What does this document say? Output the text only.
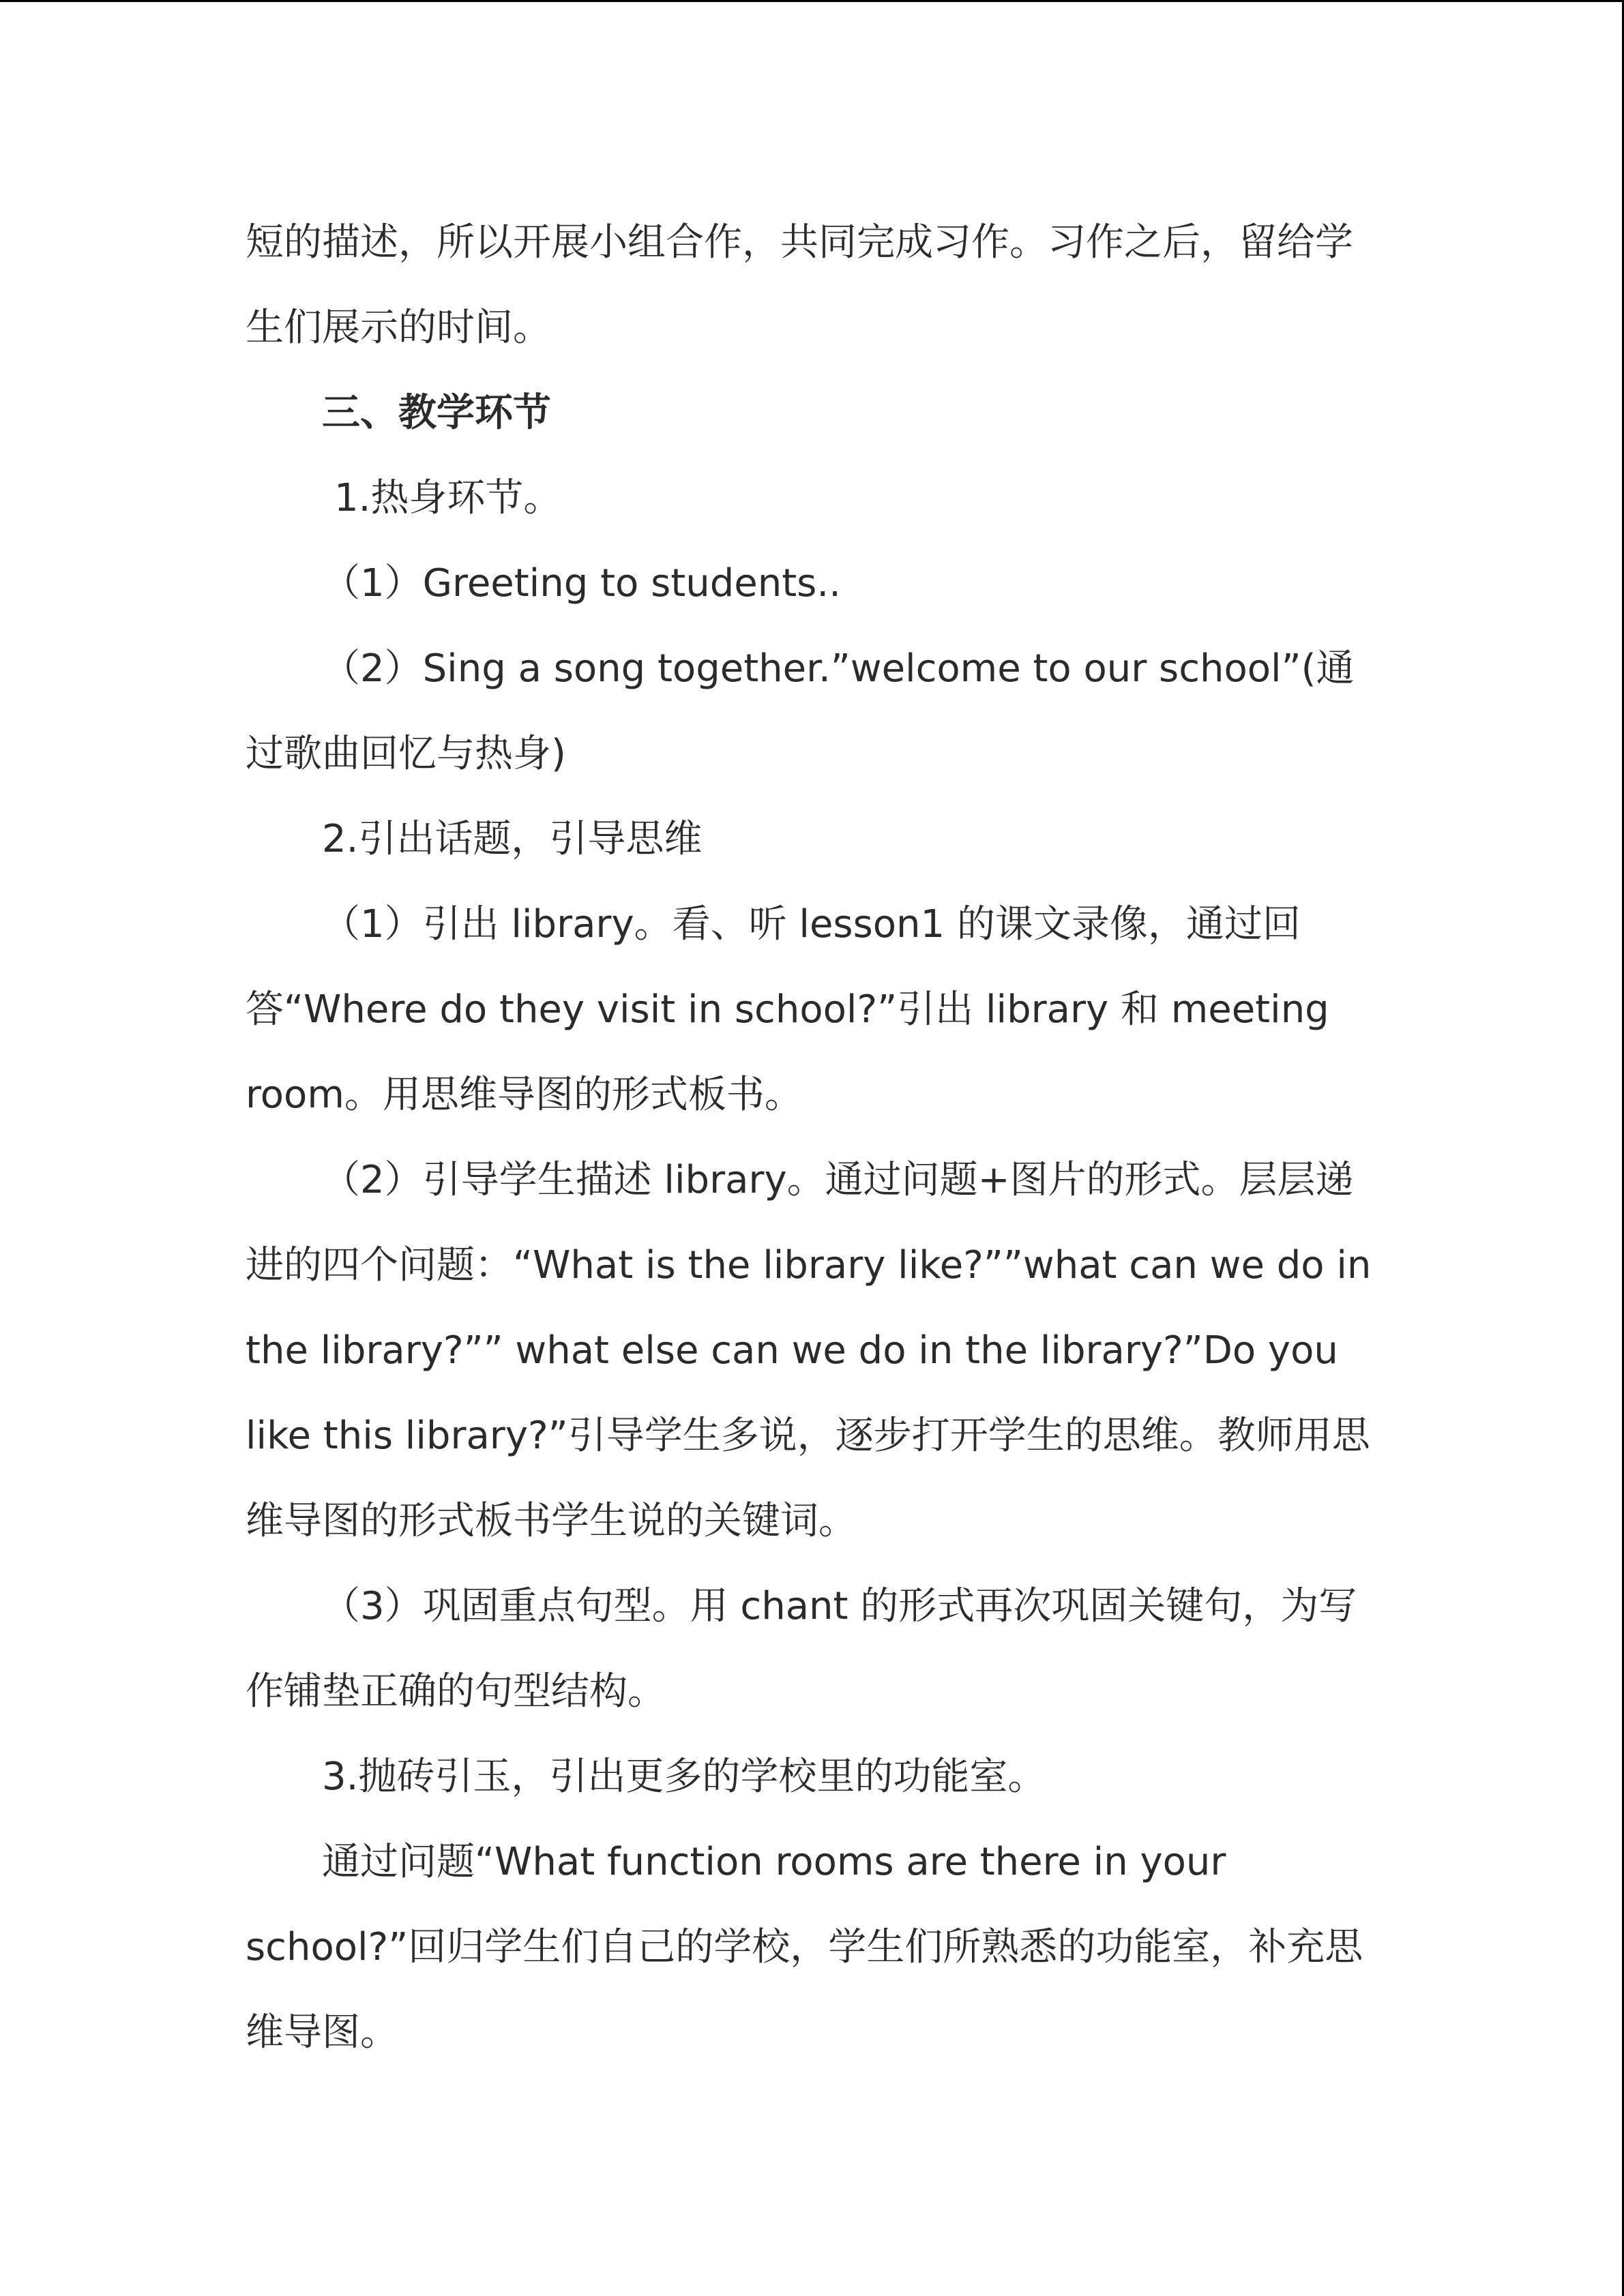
短的描述，所以开展小组合作，共同完成习作。习作之后，留给学生们展示的时间。

三、教学环节

1.热身环节。

（1）Greeting to students..

（2）Sing a song together.”welcome to our school”(通过歌曲回忆与热身)

2.引出话题，引导思维

（1）引出 library。看、听 lesson1 的课文录像，通过回答“Where do they visit in school?”引出 library 和 meeting room。用思维导图的形式板书。

（2）引导学生描述 library。通过问题+图片的形式。层层递进的四个问题：“What is the library like?””what can we do in the library?”” what else can we do in the library?”Do you like this library?”引导学生多说，逐步打开学生的思维。教师用思维导图的形式板书学生说的关键词。

（3）巩固重点句型。用 chant 的形式再次巩固关键句，为写作铺垫正确的句型结构。

3.抛砖引玉，引出更多的学校里的功能室。

通过问题“What function rooms are there in your school?”回归学生们自己的学校，学生们所熟悉的功能室，补充思维导图。
